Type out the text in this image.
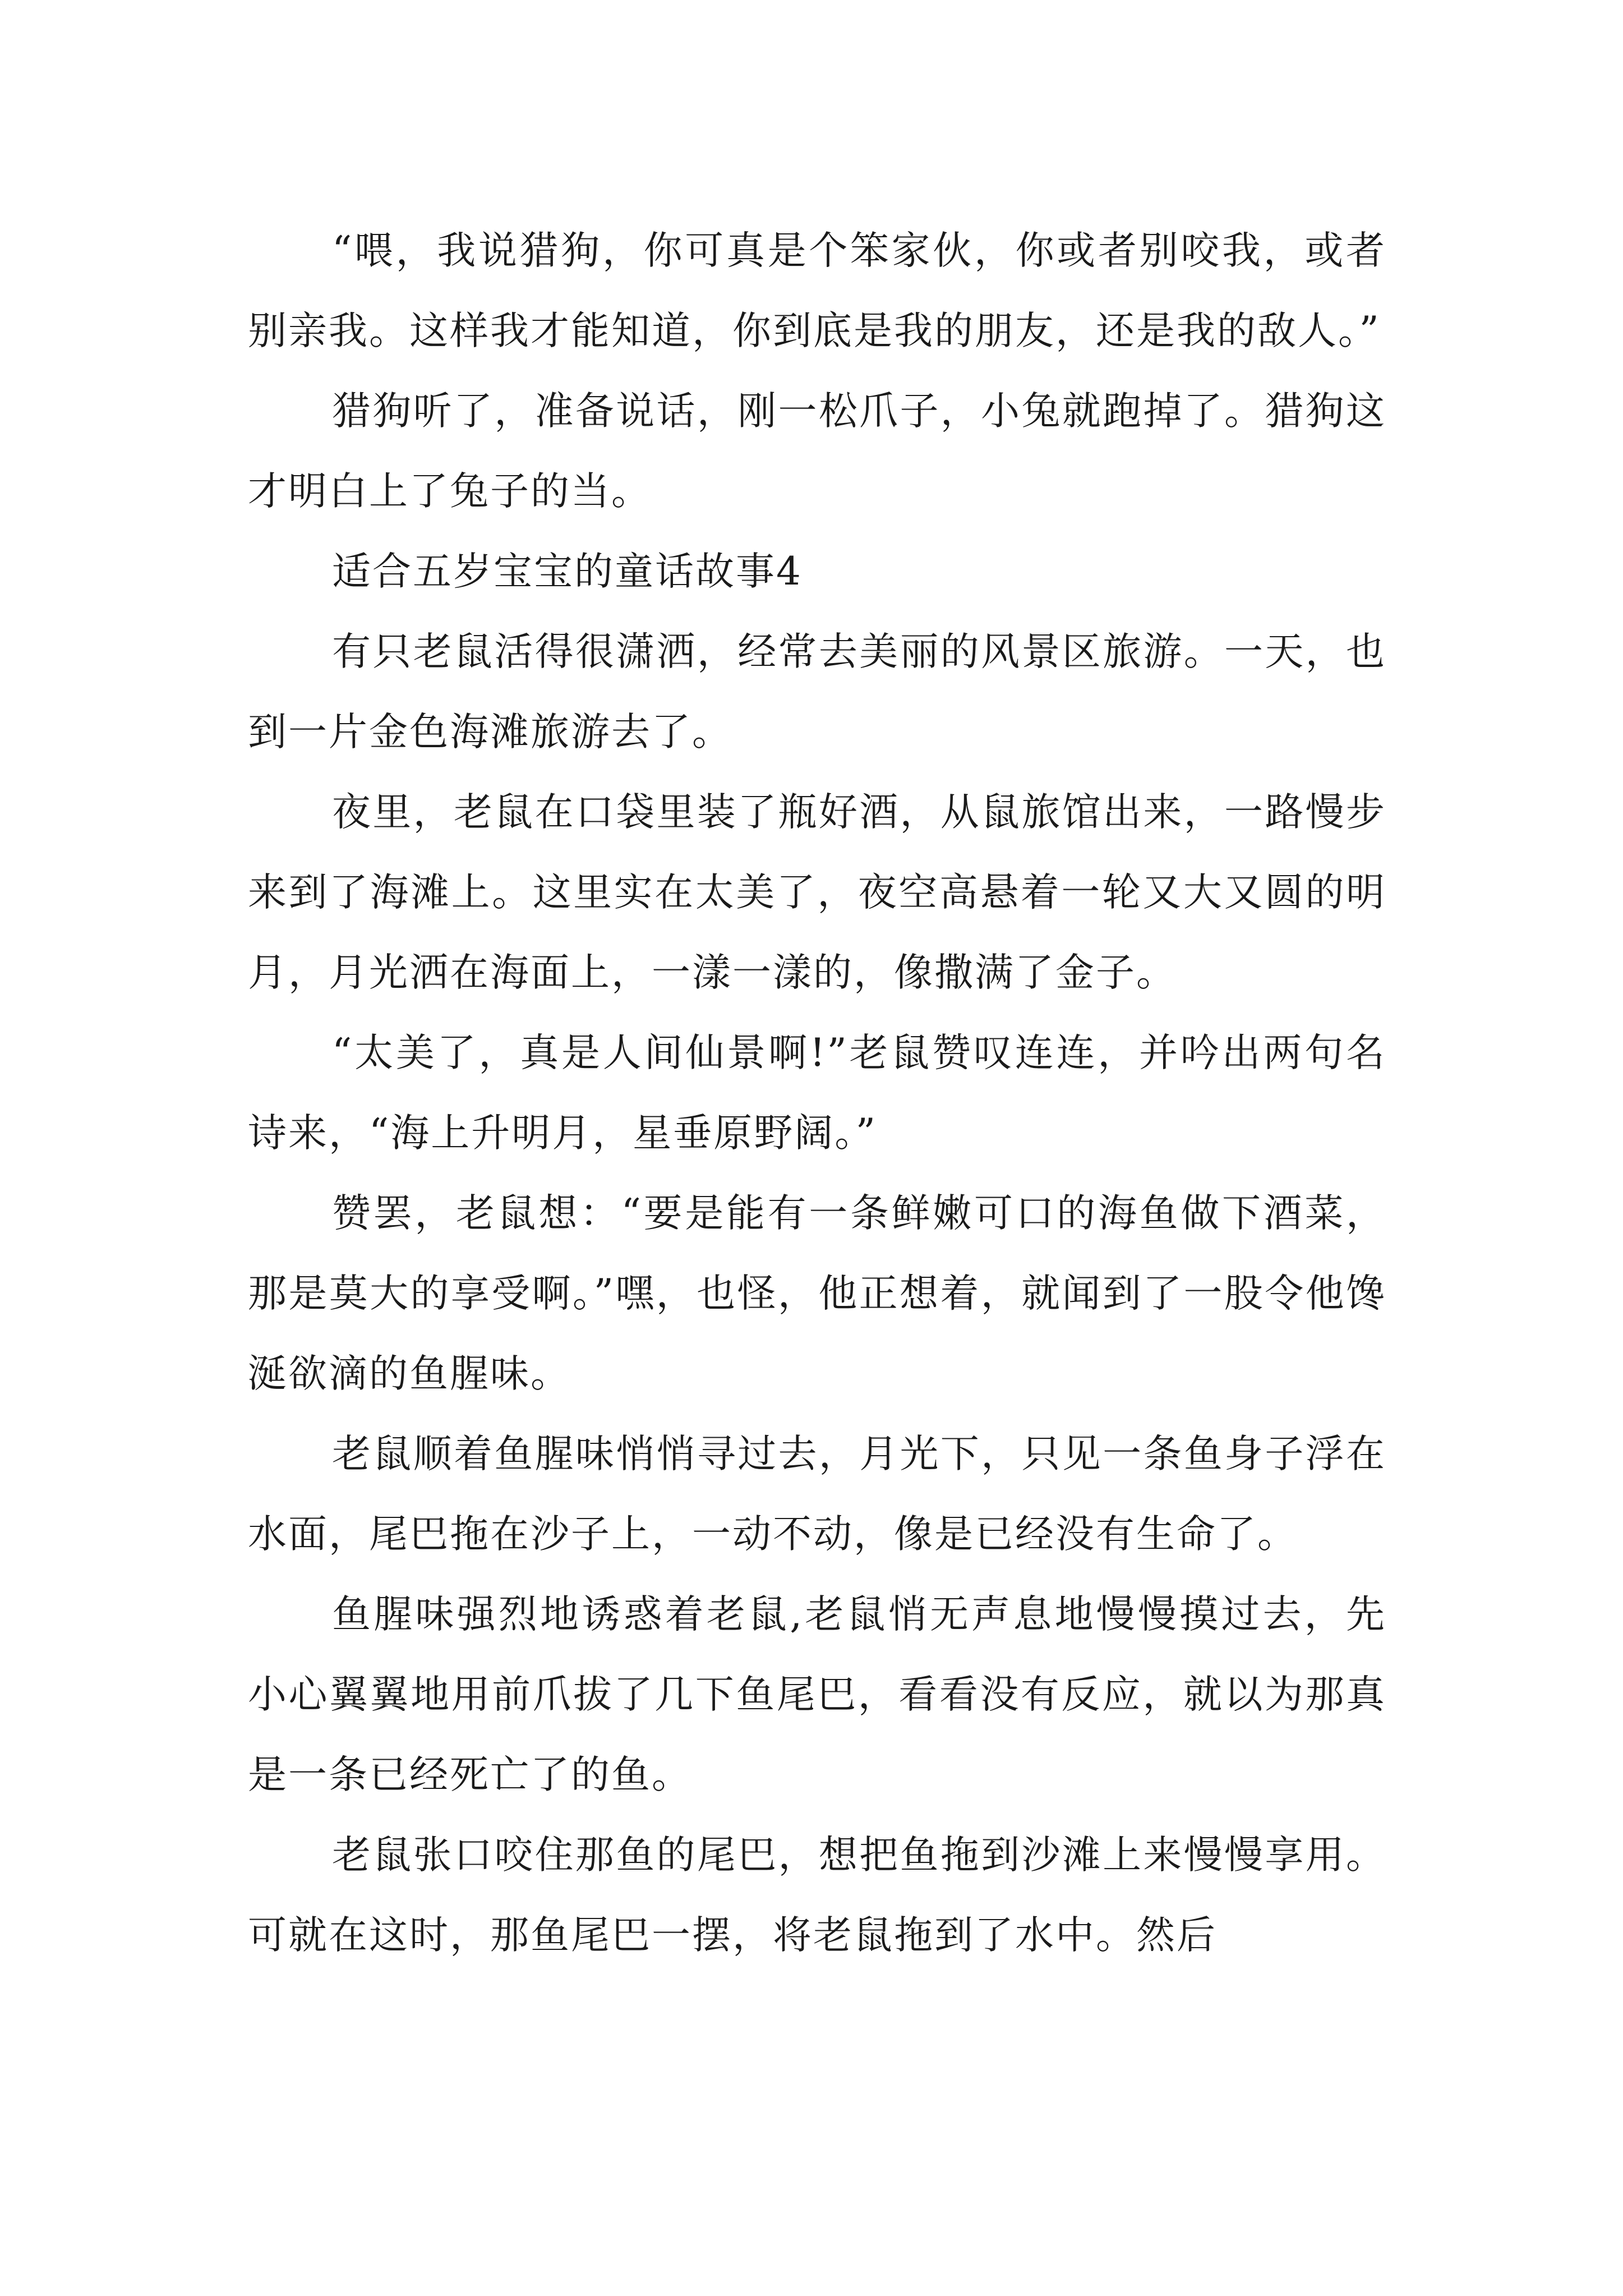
“喂，我说猎狗，你可真是个笨家伙，你或者别咬我，或者别亲我。这样我才能知道，你到底是我的朋友，还是我的敌人。”

猎狗听了，准备说话，刚一松爪子，小兔就跑掉了。猎狗这才明白上了兔子的当。

适合五岁宝宝的童话故事4

有只老鼠活得很潇洒，经常去美丽的风景区旅游。一天，也到一片金色海滩旅游去了。

夜里，老鼠在口袋里装了瓶好酒，从鼠旅馆出来，一路慢步来到了海滩上。这里实在太美了，夜空高悬着一轮又大又圆的明月，月光洒在海面上，一漾一漾的，像撒满了金子。

“太美了，真是人间仙景啊!”老鼠赞叹连连，并吟出两句名诗来，“海上升明月，星垂原野阔。”

赞罢，老鼠想：“要是能有一条鲜嫩可口的海鱼做下酒菜，那是莫大的享受啊。”嘿，也怪，他正想着，就闻到了一股令他馋涎欲滴的鱼腥味。

老鼠顺着鱼腥味悄悄寻过去，月光下，只见一条鱼身子浮在水面，尾巴拖在沙子上，一动不动，像是已经没有生命了。

鱼腥味强烈地诱惑着老鼠,老鼠悄无声息地慢慢摸过去，先小心翼翼地用前爪拔了几下鱼尾巴，看看没有反应，就以为那真是一条已经死亡了的鱼。

老鼠张口咬住那鱼的尾巴，想把鱼拖到沙滩上来慢慢享用。可就在这时，那鱼尾巴一摆，将老鼠拖到了水中。然后
